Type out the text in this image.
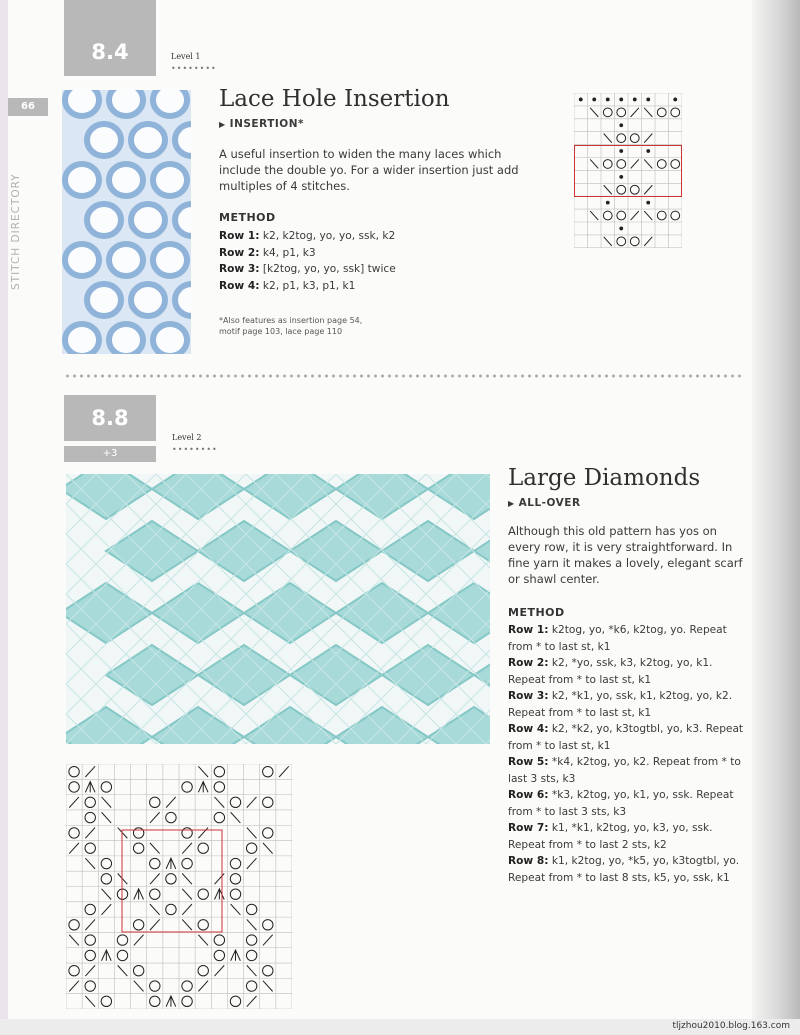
8.4	Level 1
••••••••
66
STITCH DIRECTORY
Lace Hole Insertion
▶ INSERTION*
A useful insertion to widen the many laces which include the double yo. For a wider insertion just add multiples of 4 stitches.
METHOD
Row 1: k2, k2tog, yo, yo, ssk, k2
Row 2: k4, p1, k3
Row 3: [k2tog, yo, yo, ssk] twice
Row 4: k2, p1, k3, p1, k1
*Also features as insertion page 54,
motif page 103, lace page 110
8.8
+3
Level 2
••••••••
Large Diamonds
▶ ALL-OVER
Although this old pattern has yos on every row, it is very straightforward. In fine yarn it makes a lovely, elegant scarf or shawl center.
METHOD
Row 1: k2tog, yo, *k6, k2tog, yo. Repeat from * to last st, k1
Row 2: k2, *yo, ssk, k3, k2tog, yo, k1. Repeat from * to last st, k1
Row 3: k2, *k1, yo, ssk, k1, k2tog, yo, k2. Repeat from * to last st, k1
Row 4: k2, *k2, yo, k3togtbl, yo, k3. Repeat from * to last st, k1
Row 5: *k4, k2tog, yo, k2. Repeat from * to last 3 sts, k3
Row 6: *k3, k2tog, yo, k1, yo, ssk. Repeat from * to last 3 sts, k3
Row 7: k1, *k1, k2tog, yo, k3, yo, ssk. Repeat from * to last 2 sts, k2
Row 8: k1, k2tog, yo, *k5, yo, k3togtbl, yo. Repeat from * to last 8 sts, k5, yo, ssk, k1
tljzhou2010.blog.163.com
